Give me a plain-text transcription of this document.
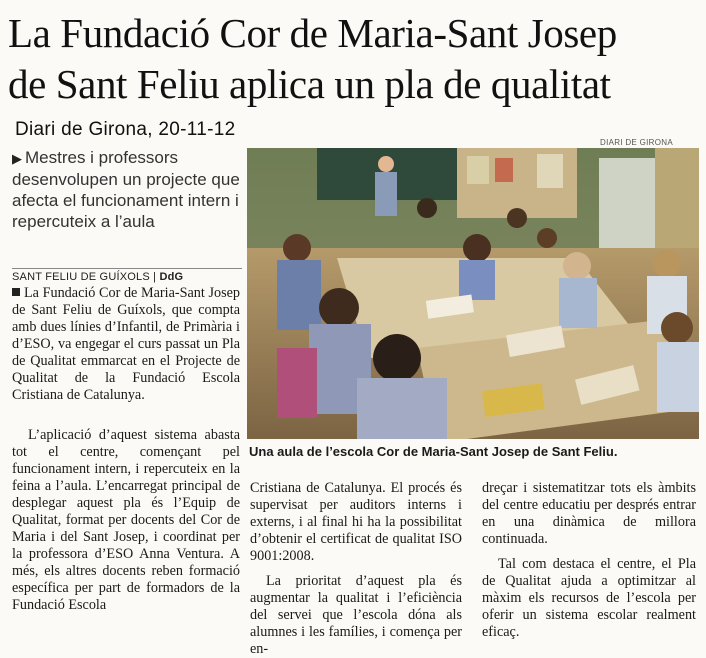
La Fundació Cor de Maria-Sant Josep
de Sant Feliu aplica un pla de qualitat
Diari de Girona, 20-11-12
▶ Mestres i professors desenvolupen un projecte que afecta el funcionament intern i repercuteix a l’aula
SANT FELIU DE GUÍXOLS | DdG
La Fundació Cor de Maria-Sant Josep de Sant Feliu de Guíxols, que compta amb dues línies d’Infantil, de Primària i d’ESO, va engegar el curs passat un Pla de Qualitat emmarcat en el Projecte de Qualitat de la Fundació Escola Cristiana de Catalunya.

L’aplicació d’aquest sistema abasta tot el centre, començant pel funcionament intern, i repercuteix en la feina a l’aula. L’encarregat principal de desplegar aquest pla és l’Equip de Qualitat, format per docents del Cor de Maria i del Sant Josep, i coordinat per la professora d’ESO Anna Ventura. A més, els altres docents reben formació específica per part de formadors de la Fundació Escola

Cristiana de Catalunya. El procés és supervisat per auditors interns i externs, i al final hi ha la possibilitat d’obtenir el certificat de qualitat ISO 9001:2008.

La prioritat d’aquest pla és augmentar la qualitat i l’eficiència del servei que l’escola dóna als alumnes i les famílies, i comença per en-

dreçar i sistematitzar tots els àmbits del centre educatiu per després entrar en una dinàmica de millora continuada.

Tal com destaca el centre, el Pla de Qualitat ajuda a optimitzar al màxim els recursos de l’escola per oferir un sistema escolar realment eficaç.

DIARI DE GIRONA
Una aula de l’escola Cor de Maria-Sant Josep de Sant Feliu.
